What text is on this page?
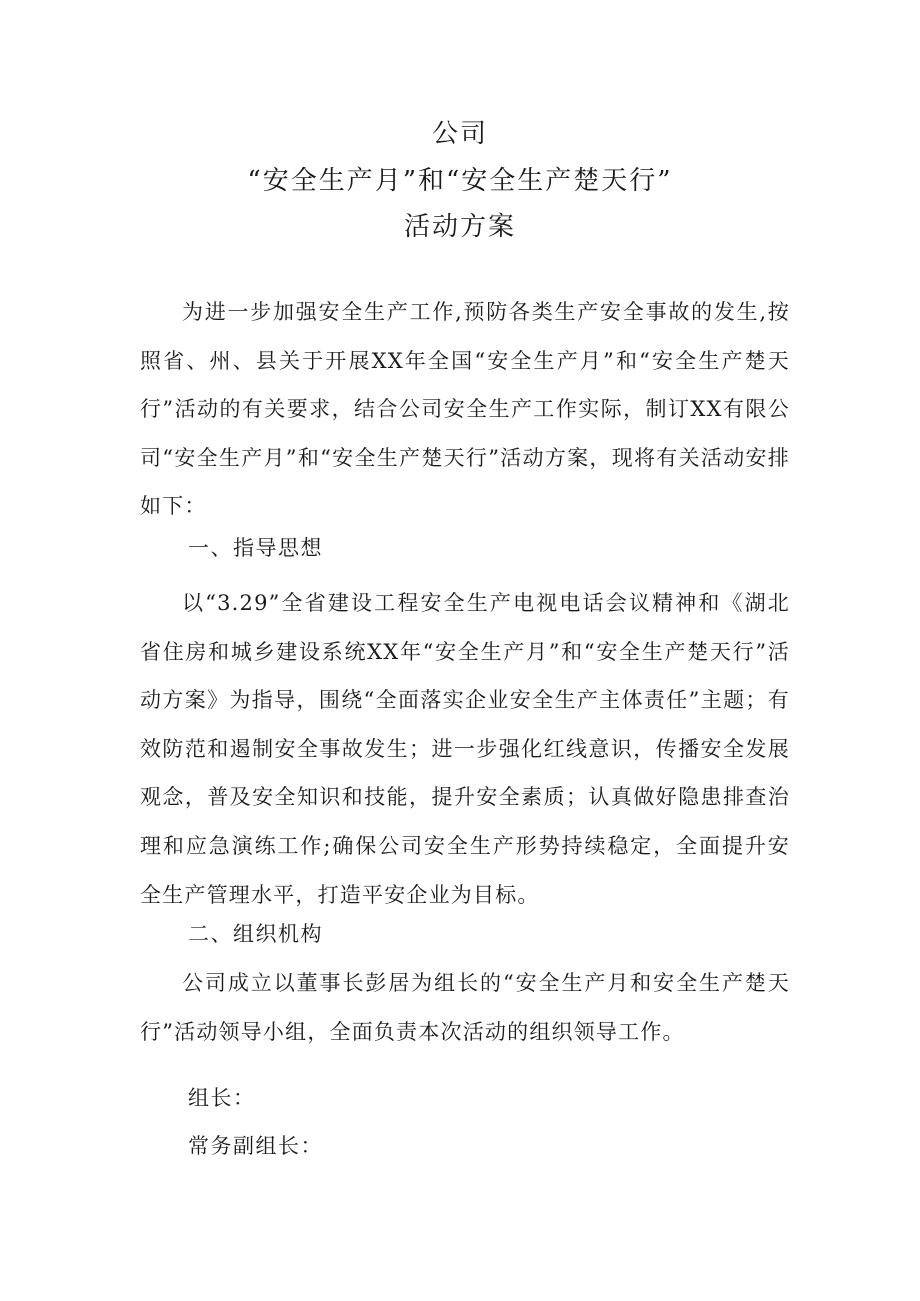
公司
“安全生产月”和“安全生产楚天行”
活动方案

为进一步加强安全生产工作,预防各类生产安全事故的发生,按照省、州、县关于开展XX年全国“安全生产月”和“安全生产楚天行”活动的有关要求，结合公司安全生产工作实际，制订XX有限公司“安全生产月”和“安全生产楚天行”活动方案，现将有关活动安排如下：

一、指导思想

以“3.29”全省建设工程安全生产电视电话会议精神和《湖北省住房和城乡建设系统XX年“安全生产月”和“安全生产楚天行”活动方案》为指导，围绕“全面落实企业安全生产主体责任”主题；有效防范和遏制安全事故发生；进一步强化红线意识，传播安全发展观念，普及安全知识和技能，提升安全素质；认真做好隐患排查治理和应急演练工作;确保公司安全生产形势持续稳定，全面提升安全生产管理水平，打造平安企业为目标。

二、组织机构

公司成立以董事长彭居为组长的“安全生产月和安全生产楚天行”活动领导小组，全面负责本次活动的组织领导工作。

组长：
常务副组长：
